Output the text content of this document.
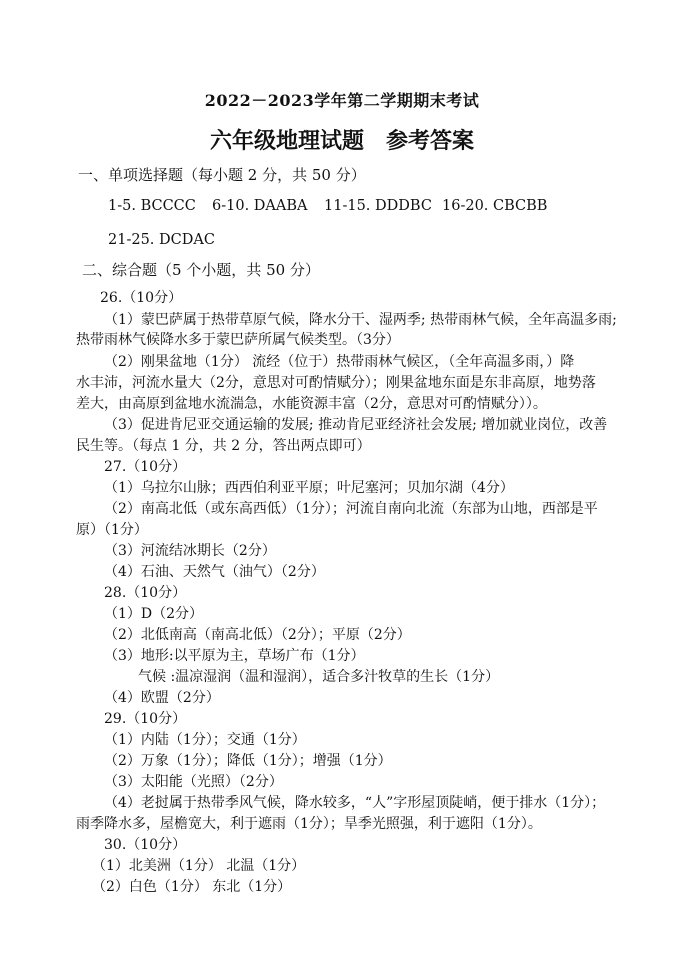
2022－2023学年第二学期期末考试
六年级地理试题 参考答案
一、单项选择题（每小题 2 分，共 50 分）
1-5. BCCCC 6-10. DAABA 11-15. DDDBC 16-20. CBCBB
21-25. DCDAC
二、综合题（5 个小题，共 50 分）
26.（10分）
（1）蒙巴萨属于热带草原气候，降水分干、湿两季; 热带雨林气候，全年高温多雨;
热带雨林气候降水多于蒙巴萨所属气候类型。（3分）
（2）刚果盆地（1分） 流经（位于）热带雨林气候区，（全年高温多雨，）降
水丰沛，河流水量大（2分，意思对可酌情赋分）；刚果盆地东面是东非高原，地势落
差大，由高原到盆地水流湍急，水能资源丰富（2分，意思对可酌情赋分））。
（3）促进肯尼亚交通运输的发展; 推动肯尼亚经济社会发展; 增加就业岗位，改善
民生等。（每点 1 分，共 2 分，答出两点即可）
27.（10分）
（1）乌拉尔山脉；西西伯利亚平原；叶尼塞河；贝加尔湖（4分）
（2）南高北低（或东高西低）（1分）；河流自南向北流（东部为山地，西部是平
原）（1分）
（3）河流结冰期长（2分）
（4）石油、天然气（油气）（2分）
28.（10分）
（1）D（2分）
（2）北低南高（南高北低）（2分）；平原（2分）
（3）地形:以平原为主，草场广布（1分）
气候 :温凉湿润（温和湿润），适合多汁牧草的生长（1分）
（4）欧盟（2分）
29.（10分）
（1）内陆（1分）；交通（1分）
（2）万象（1分）；降低（1分）；增强（1分）
（3）太阳能（光照）（2分）
（4）老挝属于热带季风气候，降水较多，“人”字形屋顶陡峭，便于排水（1分）；
雨季降水多，屋檐宽大，利于遮雨（1分）；旱季光照强，利于遮阳（1分）。
30.（10分）
（1）北美洲（1分） 北温（1分）
（2）白色（1分） 东北（1分）
